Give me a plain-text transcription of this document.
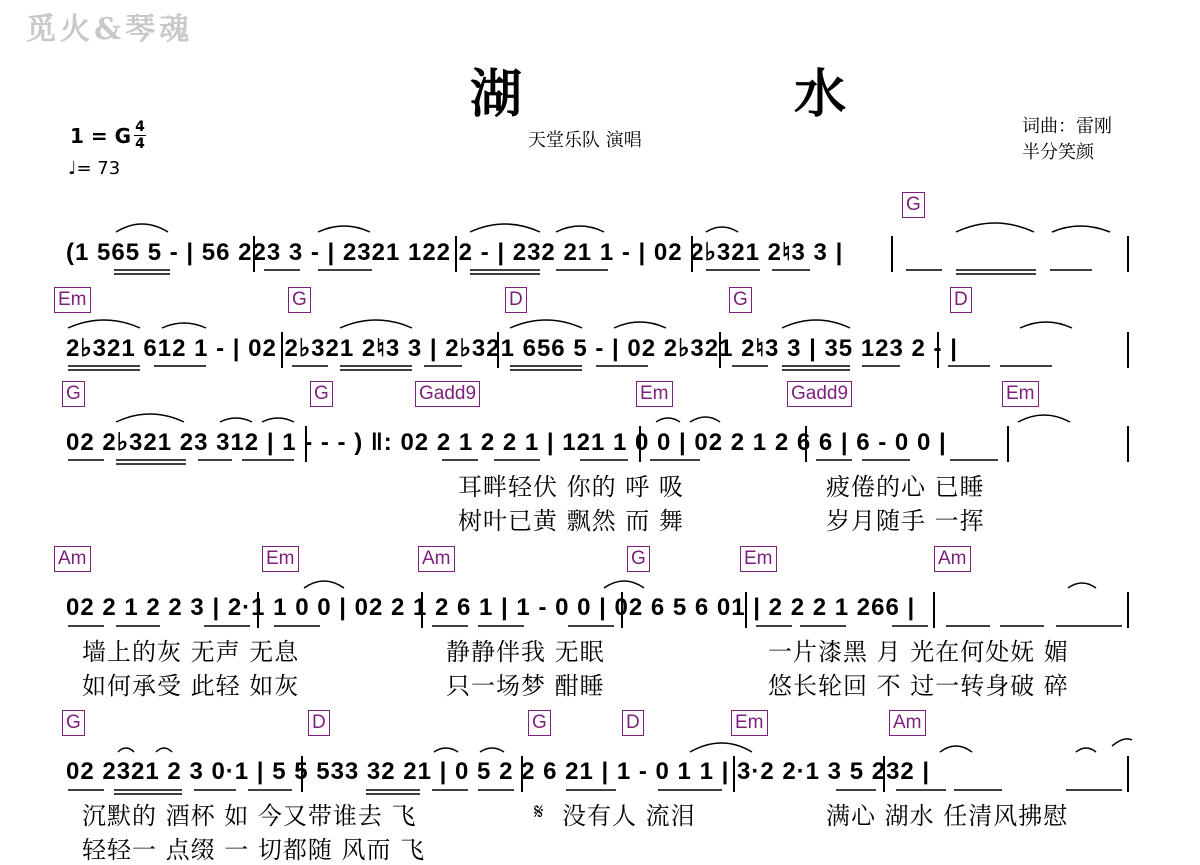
觅火&琴魂
湖　水
1 = G 4
4
♩= 73
天堂乐队 演唱
词曲：雷刚
半分笑颜
G
Em	G	D	G	D
G	G	Gadd9	Em	Gadd9	Em
Am	Em	Am	G	Em	Am
G	D	G	D	Em	Am
(1 565 5 - | 56 223 3 - | 2321 122 2 - | 232 21 1 - | 02 2♭321 2♮3 3 |
2♭321 612 1 - | 02 2♭321 2♮3 3 | 2♭321 656 5 - | 02 2♭321 2♮3 3 | 35 123 2 - |
02 2♭321 23 312 | 1 - - - ) ‖: 02 2 1 2 2 1 | 121 1 0 0 | 02 2 1 2 6 6 | 6 - 0 0 |
02 2 1 2 2 3 | 2·1 1 0 0 | 02 2 1 2 6 1 | 1 - 0 0 | 02 6 5 6 01 | 2 2 2 1 266 |
02 2321 2 3 0·1 | 5 5 533 32 21 | 0 5 2 2 6 21 | 1 - 0 1 1 | 3·2 2·1 3 5 232 |
耳畔轻伏 你的 呼 吸	疲倦的心 已睡
树叶已黄 飘然 而 舞	岁月随手 一挥
墙上的灰 无声 无息	静静伴我 无眠	一片漆黑 月 光在何处妩 媚
如何承受 此轻 如灰	只一场梦 酣睡	悠长轮回 不 过一转身破 碎
沉默的 酒杯 如 今又带谁去 飞	𝄋 没有人 流泪	满心 湖水 任清风拂慰
轻轻一 点缀 一 切都随 风而 飞
